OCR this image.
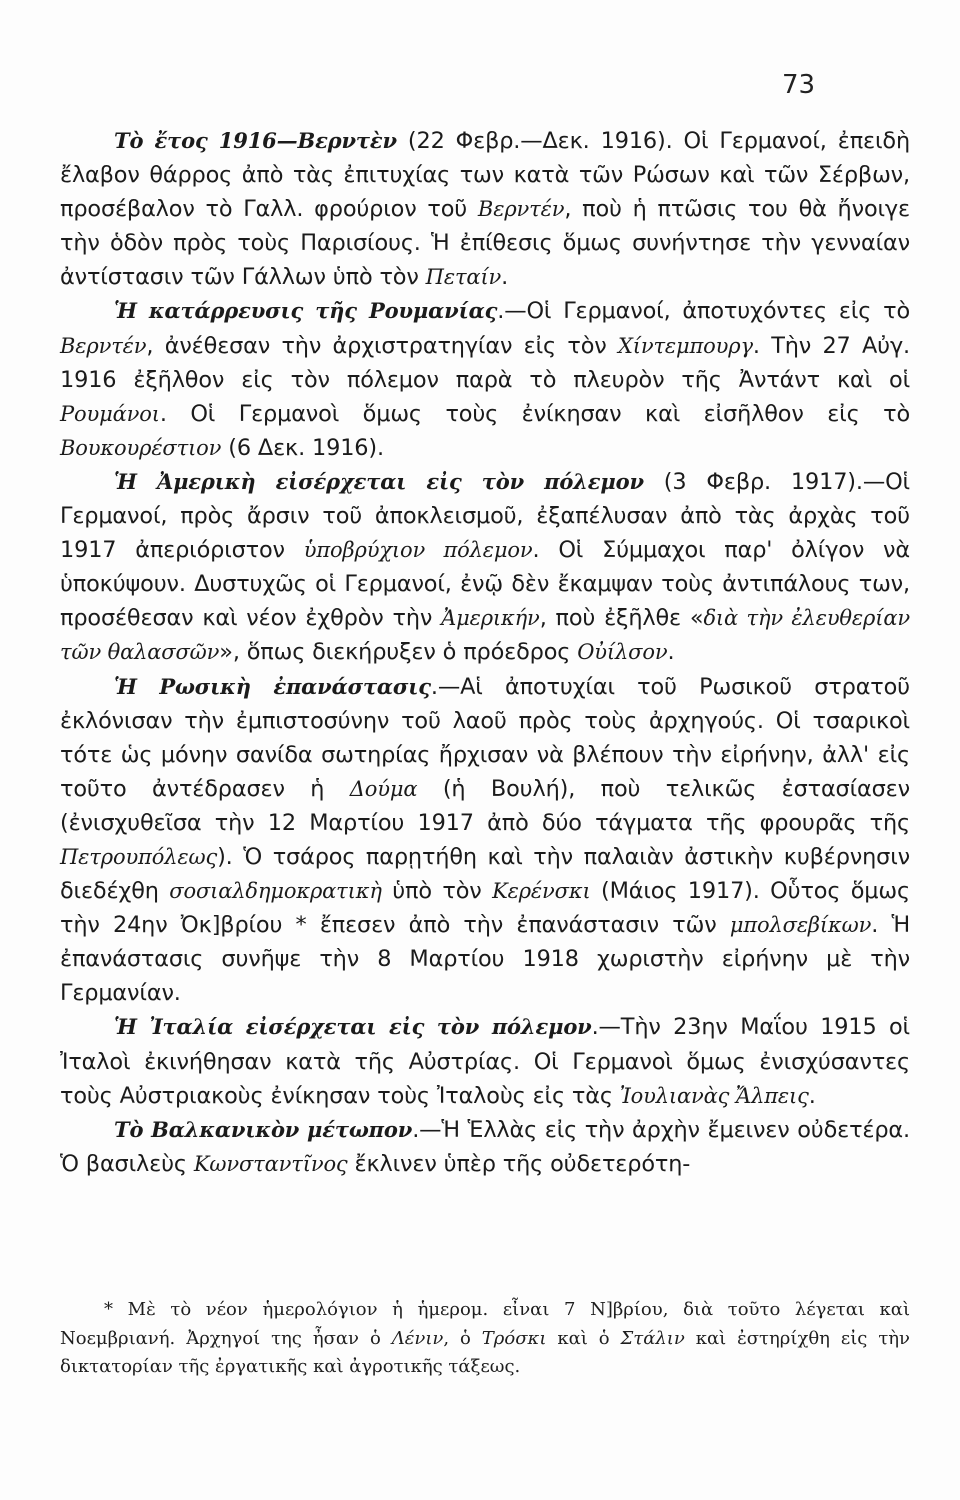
73

Τὸ ἔτος 1916—Βερντὲν (22 Φεβρ.—Δεκ. 1916). Οἱ Γερμανοί, ἐπειδὴ ἔλαβον θάρρος ἀπὸ τὰς ἐπιτυχίας των κατὰ τῶν Ρώσων καὶ τῶν Σέρβων, προσέβαλον τὸ Γαλλ. φρούριον τοῦ Βερντέν, ποὺ ἡ πτῶσις του θὰ ἤνοιγε τὴν ὁδὸν πρὸς τοὺς Παρισίους. Ἡ ἐπίθεσις ὅμως συνήντησε τὴν γενναίαν ἀντίστασιν τῶν Γάλλων ὑπὸ τὸν Πεταίν.

Ἡ κατάρρευσις τῆς Ρουμανίας.—Οἱ Γερμανοί, ἀποτυχόντες εἰς τὸ Βερντέν, ἀνέθεσαν τὴν ἀρχιστρατηγίαν εἰς τὸν Χίντεμπουργ. Τὴν 27 Αὐγ. 1916 ἐξῆλθον εἰς τὸν πόλεμον παρὰ τὸ πλευρὸν τῆς Ἀντάντ καὶ οἱ Ρουμάνοι. Οἱ Γερμανοὶ ὅμως τοὺς ἐνίκησαν καὶ εἰσῆλθον εἰς τὸ Βουκουρέστιον (6 Δεκ. 1916).

Ἡ Ἀμερικὴ εἰσέρχεται εἰς τὸν πόλεμον (3 Φεβρ. 1917).—Οἱ Γερμανοί, πρὸς ἄρσιν τοῦ ἀποκλεισμοῦ, ἐξαπέλυσαν ἀπὸ τὰς ἀρχὰς τοῦ 1917 ἀπεριόριστον ὑποβρύχιον πόλεμον. Οἱ Σύμμαχοι παρ' ὀλίγον νὰ ὑποκύψουν. Δυστυχῶς οἱ Γερμανοί, ἐνῷ δὲν ἔκαμψαν τοὺς ἀντιπάλους των, προσέθεσαν καὶ νέον ἐχθρὸν τὴν Ἀμερικήν, ποὺ ἐξῆλθε «διὰ τὴν ἐλευθερίαν τῶν θαλασσῶν», ὅπως διεκήρυξεν ὁ πρόεδρος Οὐίλσον.

Ἡ Ρωσικὴ ἐπανάστασις.—Αἱ ἀποτυχίαι τοῦ Ρωσικοῦ στρατοῦ ἐκλόνισαν τὴν ἐμπιστοσύνην τοῦ λαοῦ πρὸς τοὺς ἀρχηγούς. Οἱ τσαρικοὶ τότε ὡς μόνην σανίδα σωτηρίας ἤρχισαν νὰ βλέπουν τὴν εἰρήνην, ἀλλ' εἰς τοῦτο ἀντέδρασεν ἡ Δούμα (ἡ Βουλή), ποὺ τελικῶς ἐστασίασεν (ἐνισχυθεῖσα τὴν 12 Μαρτίου 1917 ἀπὸ δύο τάγματα τῆς φρουρᾶς τῆς Πετρουπόλεως). Ὁ τσάρος παρῃτήθη καὶ τὴν παλαιὰν ἀστικὴν κυβέρνησιν διεδέχθη σοσιαλδημοκρατικὴ ὑπὸ τὸν Κερένσκι (Μάιος 1917). Οὗτος ὅμως τὴν 24ην Ὀκ]βρίου * ἔπεσεν ἀπὸ τὴν ἐπανάστασιν τῶν μπολσεβίκων. Ἡ ἐπανάστασις συνῆψε τὴν 8 Μαρτίου 1918 χωριστὴν εἰρήνην μὲ τὴν Γερμανίαν.

Ἡ Ἰταλία εἰσέρχεται εἰς τὸν πόλεμον.—Τὴν 23ην Μαΐου 1915 οἱ Ἰταλοὶ ἐκινήθησαν κατὰ τῆς Αὐστρίας. Οἱ Γερμανοὶ ὅμως ἐνισχύσαντες τοὺς Αὐστριακοὺς ἐνίκησαν τοὺς Ἰταλοὺς εἰς τὰς Ἰουλιανὰς Ἄλπεις.

Τὸ Βαλκανικὸν μέτωπον.—Ἡ Ἑλλὰς εἰς τὴν ἀρχὴν ἔμεινεν οὐδετέρα. Ὁ βασιλεὺς Κωνσταντῖνος ἔκλινεν ὑπὲρ τῆς οὐδετερότη-

* Μὲ τὸ νέον ἡμερολόγιον ἡ ἡμερομ. εἶναι 7 Ν]βρίου, διὰ τοῦτο λέγεται καὶ Νοεμβριανή. Ἀρχηγοί της ἦσαν ὁ Λένιν, ὁ Τρόσκι καὶ ὁ Στάλιν καὶ ἐστηρίχθη εἰς τὴν δικτατορίαν τῆς ἐργατικῆς καὶ ἀγροτικῆς τάξεως.
